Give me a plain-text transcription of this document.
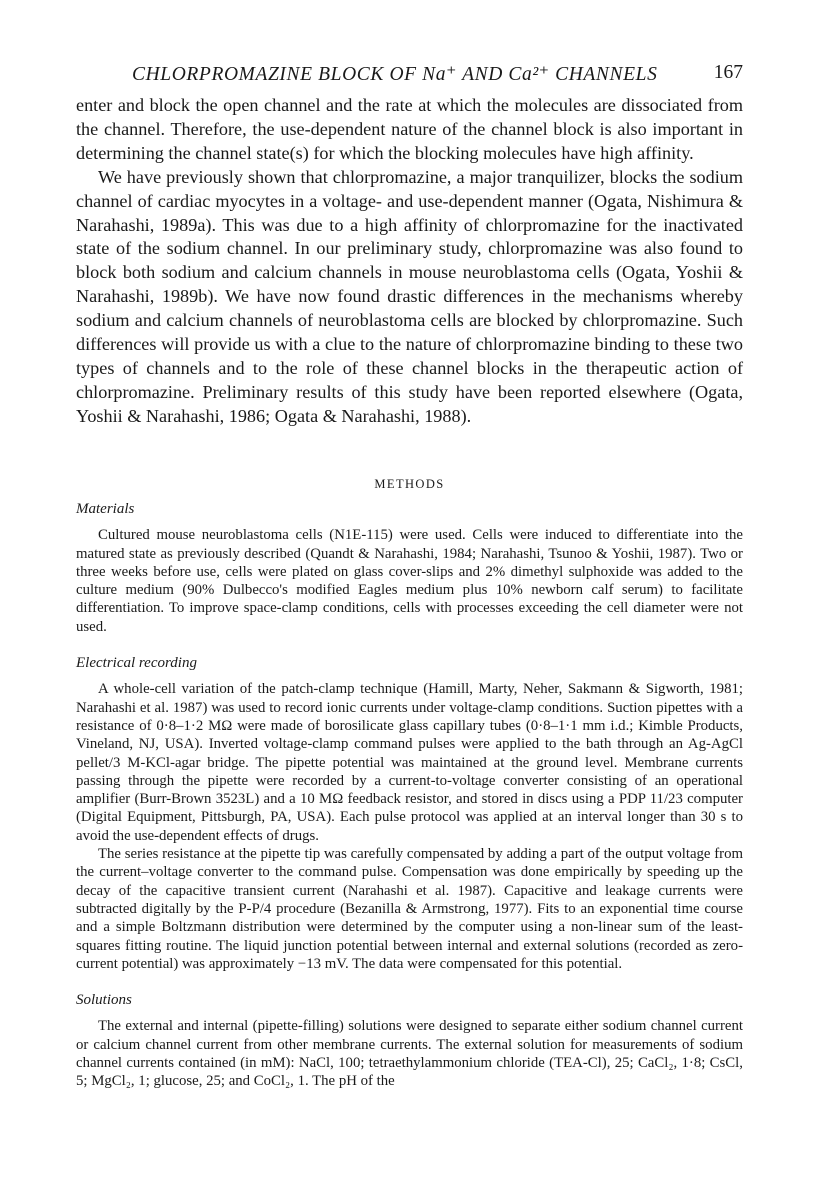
CHLORPROMAZINE BLOCK OF Na⁺ AND Ca²⁺ CHANNELS	167

enter and block the open channel and the rate at which the molecules are dissociated from the channel. Therefore, the use-dependent nature of the channel block is also important in determining the channel state(s) for which the blocking molecules have high affinity.

We have previously shown that chlorpromazine, a major tranquilizer, blocks the sodium channel of cardiac myocytes in a voltage- and use-dependent manner (Ogata, Nishimura & Narahashi, 1989a). This was due to a high affinity of chlorpromazine for the inactivated state of the sodium channel. In our preliminary study, chlorpromazine was also found to block both sodium and calcium channels in mouse neuroblastoma cells (Ogata, Yoshii & Narahashi, 1989b). We have now found drastic differences in the mechanisms whereby sodium and calcium channels of neuroblastoma cells are blocked by chlorpromazine. Such differences will provide us with a clue to the nature of chlorpromazine binding to these two types of channels and to the role of these channel blocks in the therapeutic action of chlorpromazine. Preliminary results of this study have been reported elsewhere (Ogata, Yoshii & Narahashi, 1986; Ogata & Narahashi, 1988).

METHODS
Materials

Cultured mouse neuroblastoma cells (N1E-115) were used. Cells were induced to differentiate into the matured state as previously described (Quandt & Narahashi, 1984; Narahashi, Tsunoo & Yoshii, 1987). Two or three weeks before use, cells were plated on glass cover-slips and 2% dimethyl sulphoxide was added to the culture medium (90% Dulbecco's modified Eagles medium plus 10% newborn calf serum) to facilitate differentiation. To improve space-clamp conditions, cells with processes exceeding the cell diameter were not used.

Electrical recording

A whole-cell variation of the patch-clamp technique (Hamill, Marty, Neher, Sakmann & Sigworth, 1981; Narahashi et al. 1987) was used to record ionic currents under voltage-clamp conditions. Suction pipettes with a resistance of 0·8–1·2 MΩ were made of borosilicate glass capillary tubes (0·8–1·1 mm i.d.; Kimble Products, Vineland, NJ, USA). Inverted voltage-clamp command pulses were applied to the bath through an Ag-AgCl pellet/3 M-KCl-agar bridge. The pipette potential was maintained at the ground level. Membrane currents passing through the pipette were recorded by a current-to-voltage converter consisting of an operational amplifier (Burr-Brown 3523L) and a 10 MΩ feedback resistor, and stored in discs using a PDP 11/23 computer (Digital Equipment, Pittsburgh, PA, USA). Each pulse protocol was applied at an interval longer than 30 s to avoid the use-dependent effects of drugs.

The series resistance at the pipette tip was carefully compensated by adding a part of the output voltage from the current–voltage converter to the command pulse. Compensation was done empirically by speeding up the decay of the capacitive transient current (Narahashi et al. 1987). Capacitive and leakage currents were subtracted digitally by the P-P/4 procedure (Bezanilla & Armstrong, 1977). Fits to an exponential time course and a simple Boltzmann distribution were determined by the computer using a non-linear sum of the least-squares fitting routine. The liquid junction potential between internal and external solutions (recorded as zero-current potential) was approximately −13 mV. The data were compensated for this potential.

Solutions

The external and internal (pipette-filling) solutions were designed to separate either sodium channel current or calcium channel current from other membrane currents. The external solution for measurements of sodium channel currents contained (in mM): NaCl, 100; tetraethylammonium chloride (TEA-Cl), 25; CaCl₂, 1·8; CsCl, 5; MgCl₂, 1; glucose, 25; and CoCl₂, 1. The pH of the
